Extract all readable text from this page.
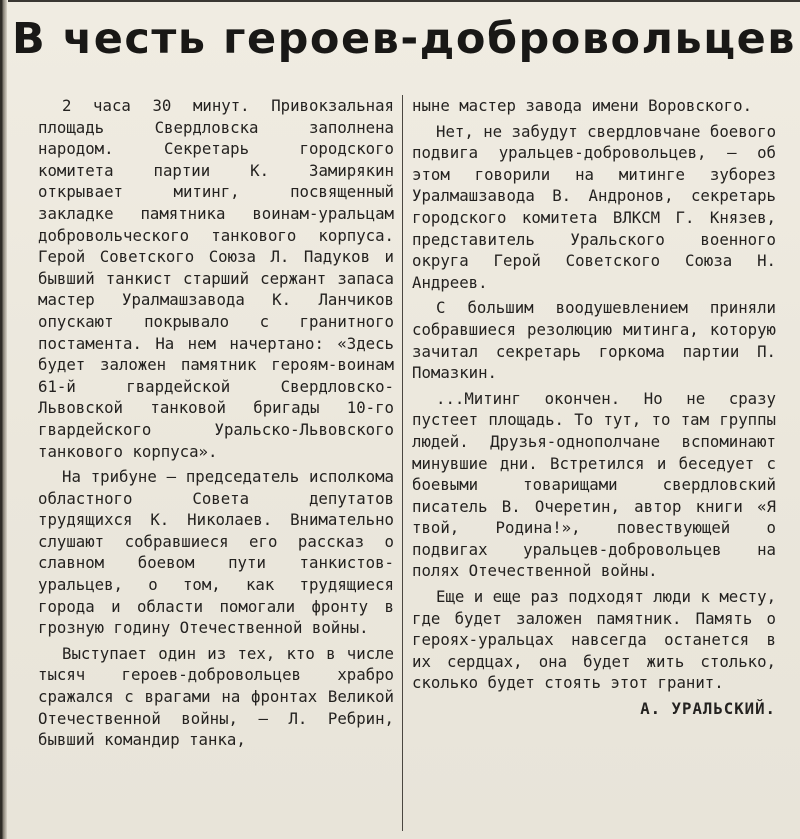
В честь героев-добровольцев

2 часа 30 минут. Привокзальная площадь Свердловска заполнена народом. Секретарь городского комитета партии К. Замирякин открывает митинг, посвященный закладке памятника воинам-уральцам добровольческого танкового корпуса. Герой Советского Союза Л. Падуков и бывший танкист старший сержант запаса мастер Уралмашзавода К. Ланчиков опускают покрывало с гранитного постамента. На нем начертано: «Здесь будет заложен памятник героям-воинам 61-й гвардейской Свердловско-Львовской танковой бригады 10-го гвардейского Уральско-Львовского танкового корпуса».

На трибуне — председатель исполкома областного Совета депутатов трудящихся К. Николаев. Внимательно слушают собравшиеся его рассказ о славном боевом пути танкистов-уральцев, о том, как трудящиеся города и области помогали фронту в грозную годину Отечественной войны.

Выступает один из тех, кто в числе тысяч героев-добровольцев храбро сражался с врагами на фронтах Великой Отечественной войны, — Л. Ребрин, бывший командир танка,

ныне мастер завода имени Воровского.

Нет, не забудут свердловчане боевого подвига уральцев-добровольцев, — об этом говорили на митинге зуборез Уралмашзавода В. Андронов, секретарь городского комитета ВЛКСМ Г. Князев, представитель Уральского военного округа Герой Советского Союза Н. Андреев.

С большим воодушевлением приняли собравшиеся резолюцию митинга, которую зачитал секретарь горкома партии П. Помазкин.

...Митинг окончен. Но не сразу пустеет площадь. То тут, то там группы людей. Друзья-однополчане вспоминают минувшие дни. Встретился и беседует с боевыми товарищами свердловский писатель В. Очеретин, автор книги «Я твой, Родина!», повествующей о подвигах уральцев-добровольцев на полях Отечественной войны.

Еще и еще раз подходят люди к месту, где будет заложен памятник. Память о героях-уральцах навсегда останется в их сердцах, она будет жить столько, сколько будет стоять этот гранит.

А. УРАЛЬСКИЙ.
